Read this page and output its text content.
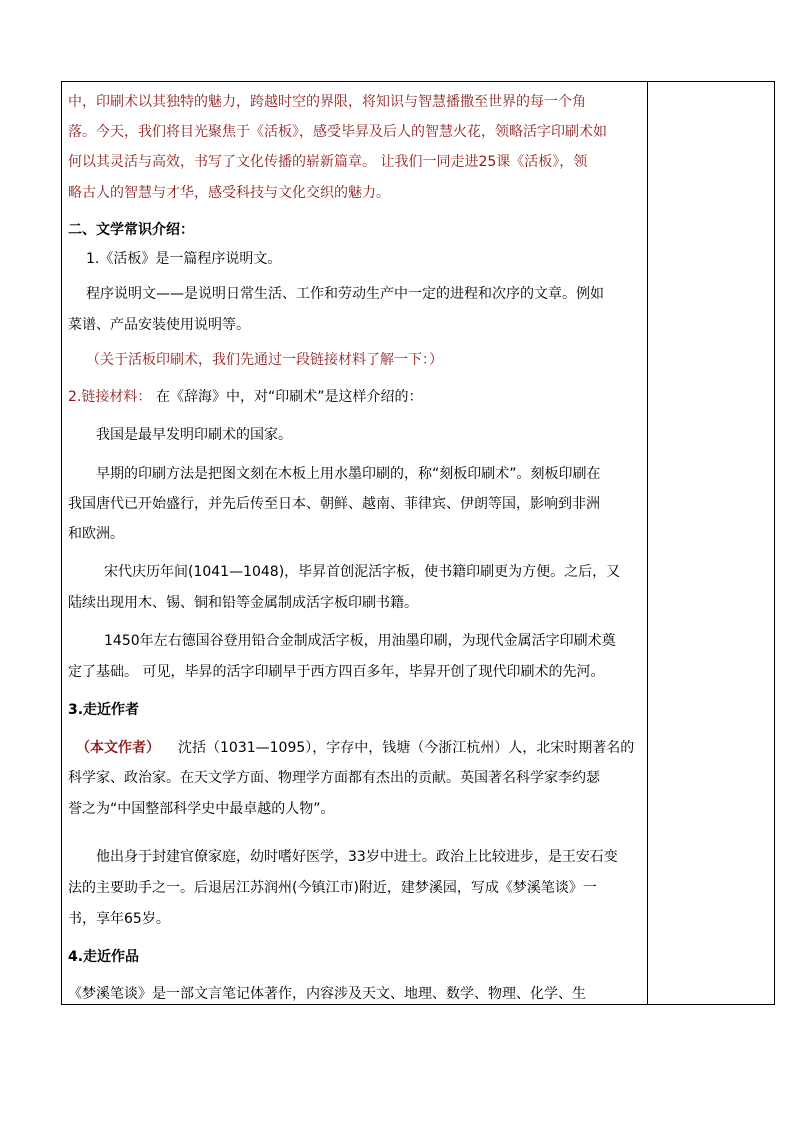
中，印刷术以其独特的魅力，跨越时空的界限，将知识与智慧播撒至世界的每一个角
落。今天，我们将目光聚焦于《活板》，感受毕昇及后人的智慧火花，领略活字印刷术如
何以其灵活与高效，书写了文化传播的崭新篇章。 让我们一同走进25课《活板》，领
略古人的智慧与才华，感受科技与文化交织的魅力。
二、文学常识介绍：
1.《活板》是一篇程序说明文。
程序说明文——是说明日常生活、工作和劳动生产中一定的进程和次序的文章。例如
菜谱、产品安装使用说明等。
（关于活板印刷术，我们先通过一段链接材料了解一下：）
2.链接材料： 在《辞海》中，对“印刷术”是这样介绍的：
我国是最早发明印刷术的国家。
早期的印刷方法是把图文刻在木板上用水墨印刷的，称“刻板印刷术”。刻板印刷在
我国唐代已开始盛行，并先后传至日本、朝鲜、越南、菲律宾、伊朗等国，影响到非洲
和欧洲。
宋代庆历年间(1041—1048)，毕昇首创泥活字板，使书籍印刷更为方便。之后，又
陆续出现用木、锡、铜和铅等金属制成活字板印刷书籍。
1450年左右德国谷登用铅合金制成活字板，用油墨印刷，为现代金属活字印刷术奠
定了基础。 可见，毕昇的活字印刷早于西方四百多年，毕昇开创了现代印刷术的先河。
3.走近作者
（本文作者） 沈括（1031—1095），字存中，钱塘（今浙江杭州）人，北宋时期著名的
科学家、政治家。在天文学方面、物理学方面都有杰出的贡献。英国著名科学家李约瑟
誉之为“中国整部科学史中最卓越的人物”。
他出身于封建官僚家庭，幼时嗜好医学，33岁中进士。政治上比较进步，是王安石变
法的主要助手之一。后退居江苏润州(今镇江市)附近，建梦溪园，写成《梦溪笔谈》一
书，享年65岁。
4.走近作品
《梦溪笔谈》是一部文言笔记体著作，内容涉及天文、地理、数学、物理、化学、生
